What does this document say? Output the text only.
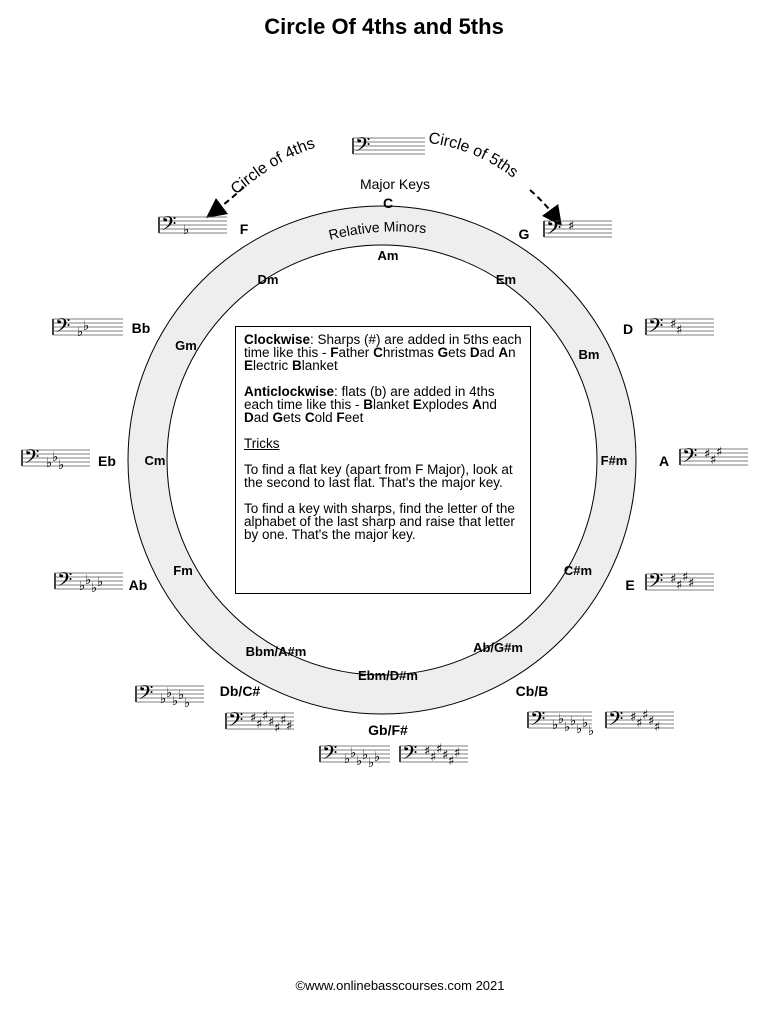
Circle Of 4ths and 5ths
Circle of 4ths	Circle of 5ths
Major Keys
Relative Minors
C
G
D
A
E
Cb/B
Gb/F#
Db/C#
Ab
Eb
Bb
F
Am
Em
Bm
F#m
C#m
Ab/G#m
Ebm/D#m
Bbm/A#m
Fm
Cm
Gm
Dm
𝄢
𝄢 ♯
𝄢 ♯ ♯
𝄢 ♯ ♯
♯
𝄢 ♯ ♯
♯ ♯
𝄢 ♭ ♭
♭ ♭
♭ ♭
♭ 𝄢 ♯ ♯
♯ ♯ ♯
𝄢 ♭ ♭
♭ ♭
♭ ♭ 𝄢 ♯ ♯
♯ ♯ ♯
♯
𝄢 ♭ ♭
♭ ♭
♭
𝄢 ♯ ♯
♯ ♯ ♯
♯ ♯
𝄢 ♭ ♭
♭ ♭
𝄢 ♭ ♭
♭
𝄢 ♭ ♭
𝄢 ♭
©www.onlinebasscourses.com 2021

Clockwise: Sharps (#) are added in 5ths each time like this - Father Christmas Gets Dad An Electric Blanket

Anticlockwise: flats (b) are added in 4ths each time like this - Blanket Explodes And Dad Gets Cold Feet

Tricks

To find a flat key (apart from F Major), look at the second to last flat. That's the major key.

To find a key with sharps, find the letter of the alphabet of the last sharp and raise that letter by one. That's the major key.
